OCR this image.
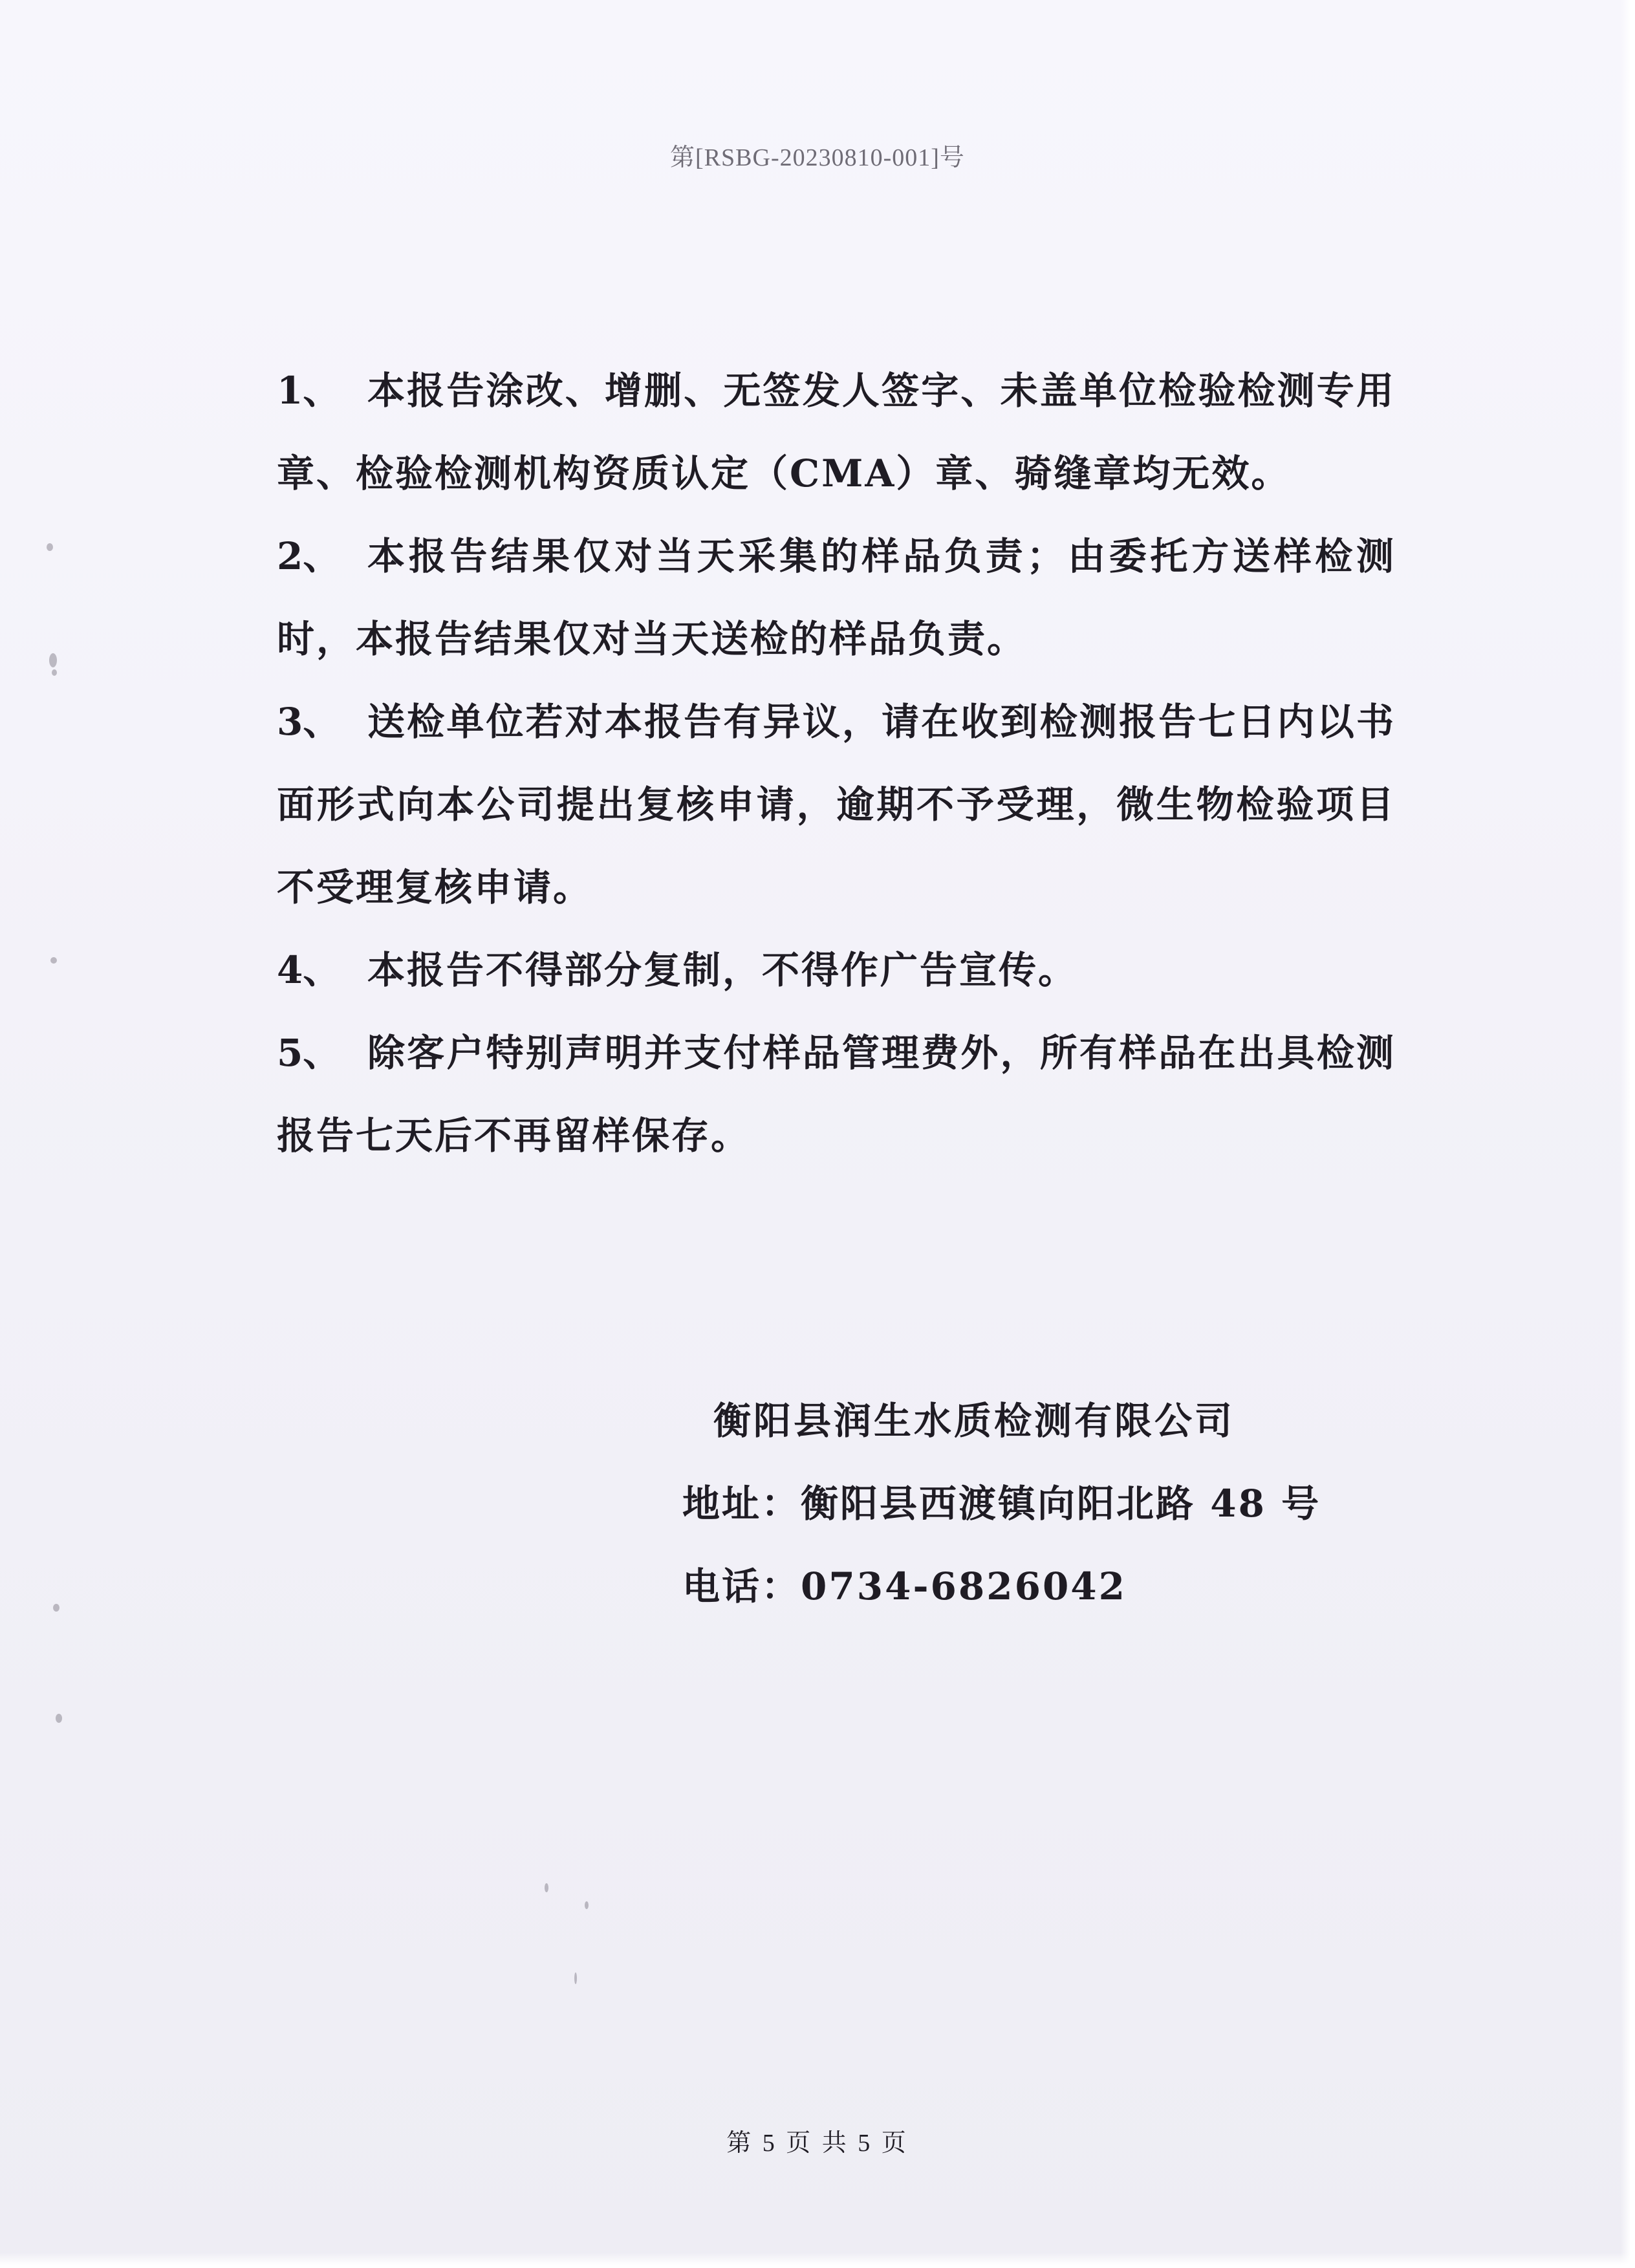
第[RSBG-20230810-001]号
1、 本报告涂改、增删、无签发人签字、未盖单位检验检测专用章、检验检测机构资质认定（CMA）章、骑缝章均无效。
2、 本报告结果仅对当天采集的样品负责；由委托方送样检测时，本报告结果仅对当天送检的样品负责。
3、 送检单位若对本报告有异议，请在收到检测报告七日内以书面形式向本公司提出复核申请，逾期不予受理，微生物检验项目不受理复核申请。
4、 本报告不得部分复制，不得作广告宣传。
5、 除客户特别声明并支付样品管理费外，所有样品在出具检测报告七天后不再留样保存。
衡阳县润生水质检测有限公司
地址：衡阳县西渡镇向阳北路 48 号
电话：0734-6826042
第 5 页 共 5 页
